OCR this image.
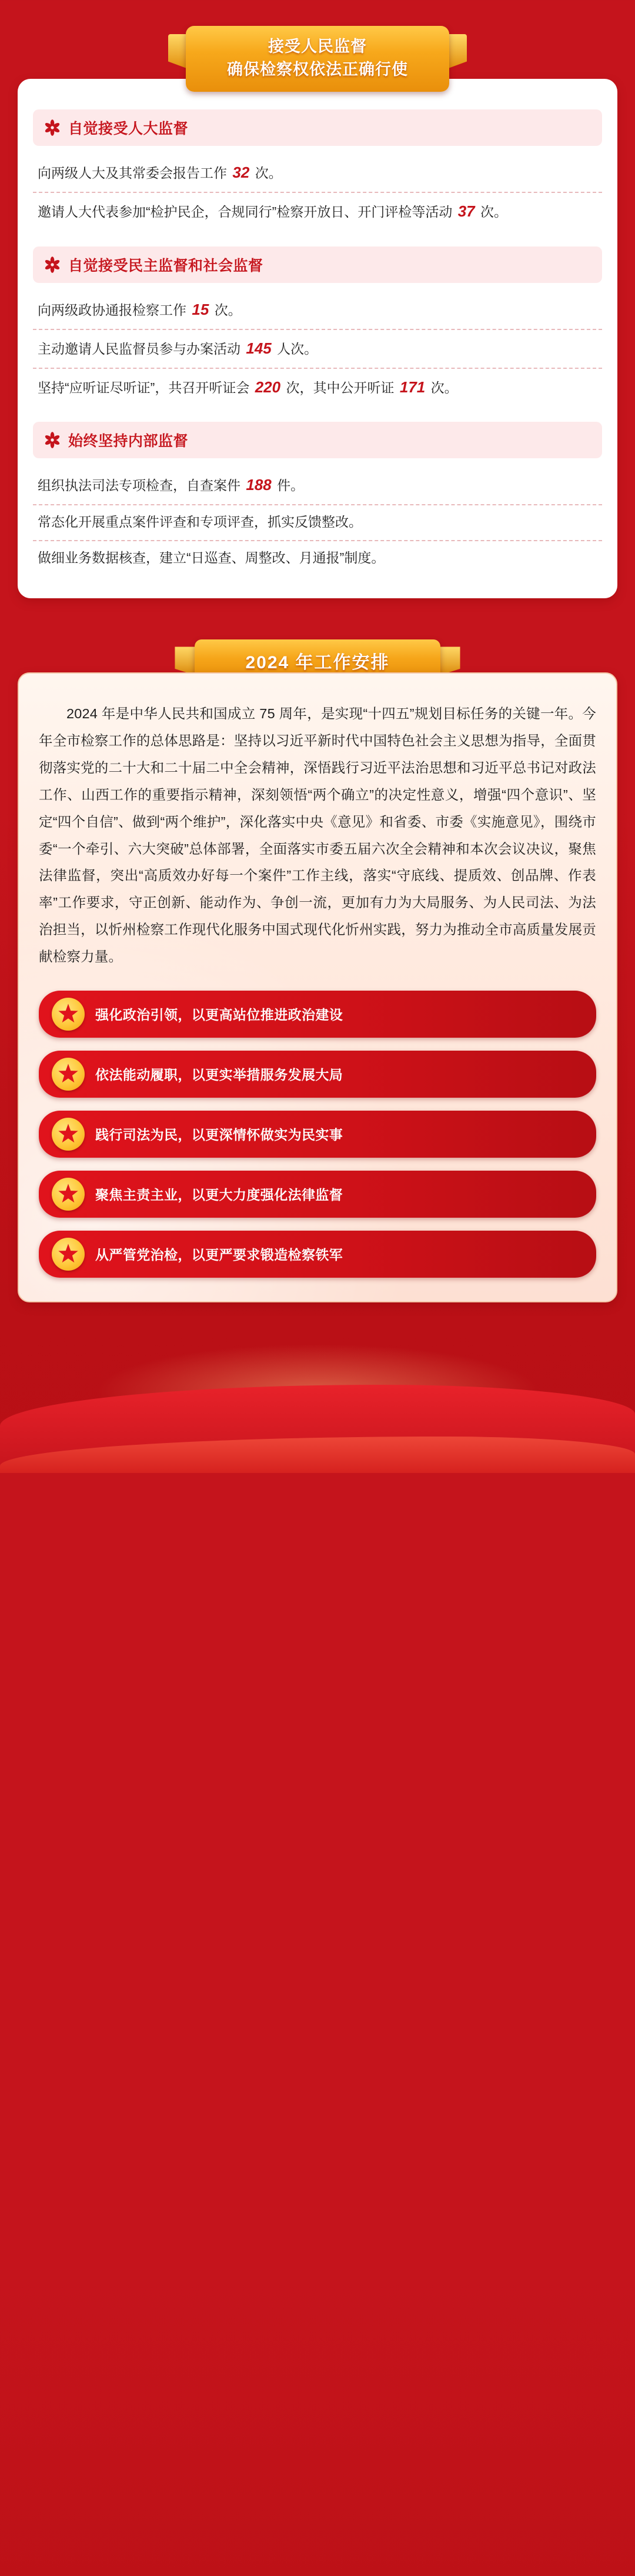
接受人民监督
确保检察权依法正确行使
自觉接受人大监督
向两级人大及其常委会报告工作 32 次。
邀请人大代表参加“检护民企，合规同行”检察开放日、开门评检等活动 37 次。
自觉接受民主监督和社会监督
向两级政协通报检察工作 15 次。
主动邀请人民监督员参与办案活动 145 人次。
坚持“应听证尽听证”，共召开听证会 220 次，其中公开听证 171 次。
始终坚持内部监督
组织执法司法专项检查，自查案件 188 件。
常态化开展重点案件评查和专项评查，抓实反馈整改。
做细业务数据核查，建立“日巡查、周整改、月通报”制度。
2024 年工作安排
2024 年是中华人民共和国成立 75 周年，是实现“十四五”规划目标任务的关键一年。今年全市检察工作的总体思路是：坚持以习近平新时代中国特色社会主义思想为指导，全面贯彻落实党的二十大和二十届二中全会精神，深悟践行习近平法治思想和习近平总书记对政法工作、山西工作的重要指示精神，深刻领悟“两个确立”的决定性意义，增强“四个意识”、坚定“四个自信”、做到“两个维护”，深化落实中央《意见》和省委、市委《实施意见》，围绕市委“一个牵引、六大突破”总体部署，全面落实市委五届六次全会精神和本次会议决议，聚焦法律监督，突出“高质效办好每一个案件”工作主线，落实“守底线、提质效、创品牌、作表率”工作要求，守正创新、能动作为、争创一流，更加有力为大局服务、为人民司法、为法治担当，以忻州检察工作现代化服务中国式现代化忻州实践，努力为推动全市高质量发展贡献检察力量。
强化政治引领，以更高站位推进政治建设
依法能动履职，以更实举措服务发展大局
践行司法为民，以更深情怀做实为民实事
聚焦主责主业，以更大力度强化法律监督
从严管党治检，以更严要求锻造检察铁军
